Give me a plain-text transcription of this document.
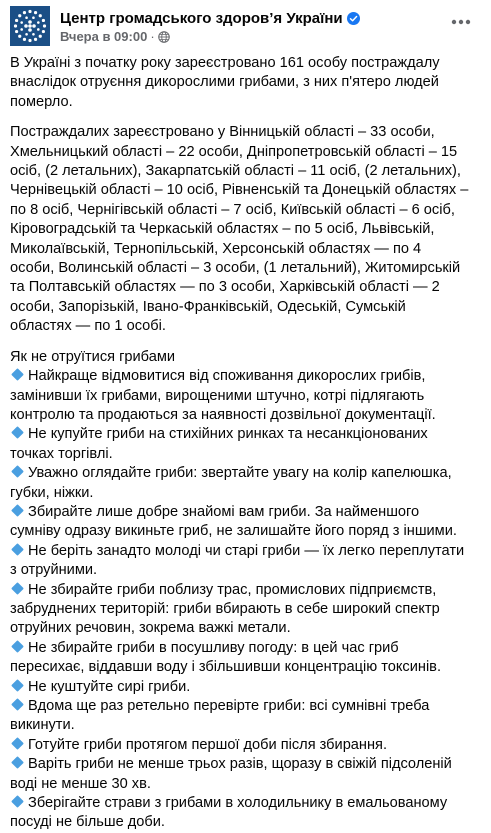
Центр громадського здоров’я України
Вчера в 09:00 ·
В Україні з початку року зареєстровано 161 особу постраждалу
внаслідок отруєння дикорослими грибами, з них п'ятеро людей
померло.
Постраждалих зареєстровано у Вінницькій області – 33 особи,
Хмельницький області – 22 особи, Дніпропетровській області – 15
осіб, (2 летальних), Закарпатській області – 11 осіб, (2 летальних),
Чернівецькій області – 10 осіб, Рівненській та Донецькій областях –
по 8 осіб, Чернігівській області – 7 осіб, Київській області – 6 осіб,
Кіровоградській та Черкаській областях – по 5 осіб, Львівській,
Миколаївській, Тернопільській, Херсонській областях — по 4
особи, Волинській області – 3 особи, (1 летальний), Житомирській
та Полтавській областях — по 3 особи, Харківській області — 2
особи, Запорізькій, Івано-Франківській, Одеській, Сумській
областях — по 1 особі.
Як не отруїтися грибами
Найкраще відмовитися від споживання дикорослих грибів,
замінивши їх грибами, вирощеними штучно, котрі підлягають
контролю та продаються за наявності дозвільної документації.
Не купуйте гриби на стихійних ринках та несанкціонованих
точках торгівлі.
Уважно оглядайте гриби: звертайте увагу на колір капелюшка,
губки, ніжки.
Збирайте лише добре знайомі вам гриби. За найменшого
сумніву одразу викиньте гриб, не залишайте його поряд з іншими.
Не беріть занадто молоді чи старі гриби — їх легко переплутати
з отруйними.
Не збирайте гриби поблизу трас, промислових підприємств,
забруднених територій: гриби вбирають в себе широкий спектр
отруйних речовин, зокрема важкі метали.
Не збирайте гриби в посушливу погоду: в цей час гриб
пересихає, віддавши воду і збільшивши концентрацію токсинів.
Не куштуйте сирі гриби.
Вдома ще раз ретельно перевірте гриби: всі сумнівні треба
викинути.
Готуйте гриби протягом першої доби після збирання.
Варіть гриби не менше трьох разів, щоразу в свіжій підсоленій
воді не менше 30 хв.
Зберігайте страви з грибами в холодильнику в емальованому
посуді не більше доби.
